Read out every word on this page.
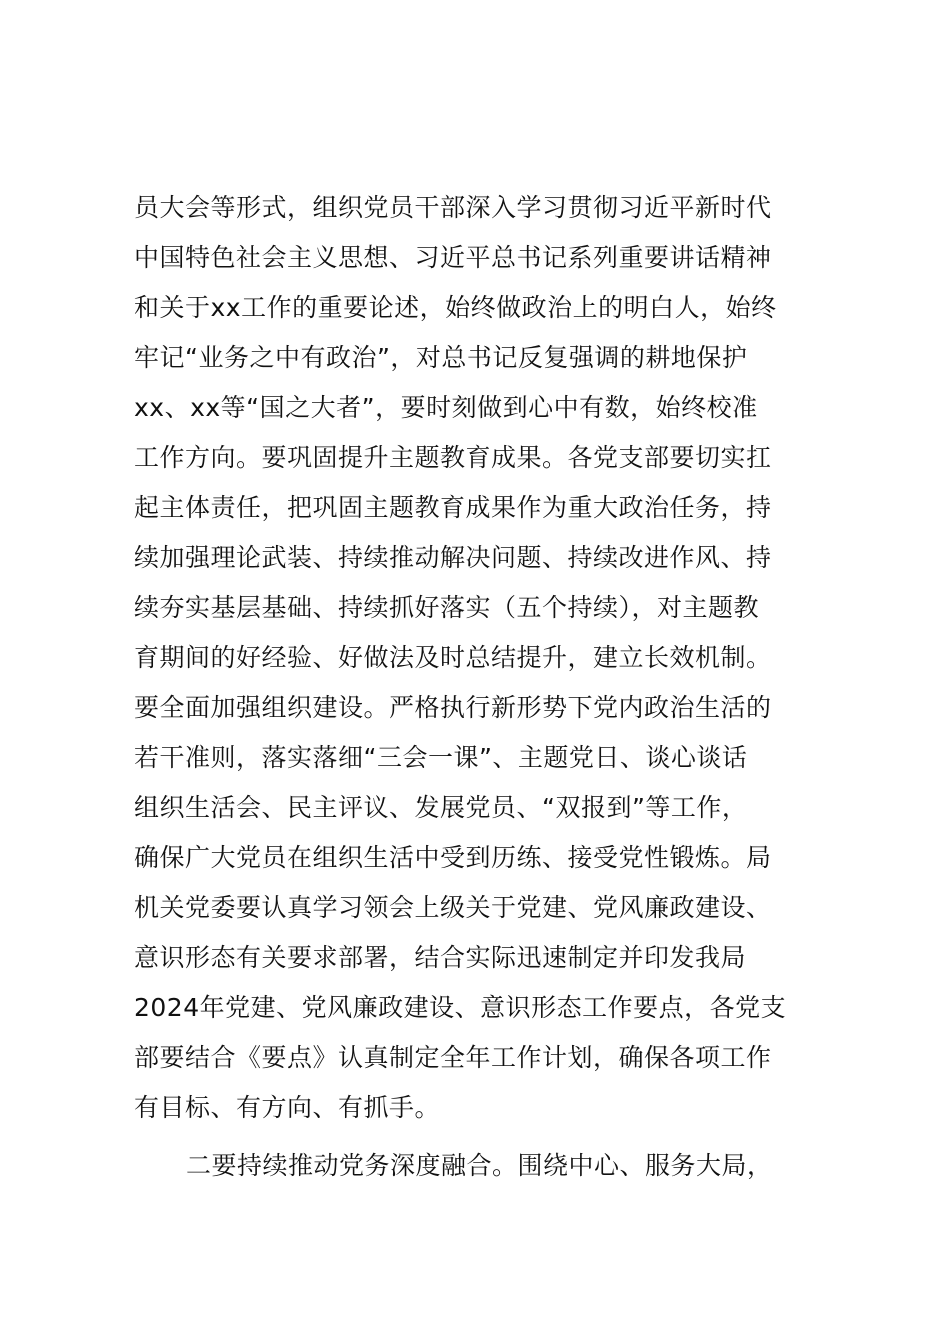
员大会等形式，组织党员干部深入学习贯彻习近平新时代
中国特色社会主义思想、习近平总书记系列重要讲话精神
和关于xx工作的重要论述，始终做政治上的明白人，始终
牢记“业务之中有政治”，对总书记反复强调的耕地保护
xx、xx等“国之大者”，要时刻做到心中有数，始终校准
工作方向。要巩固提升主题教育成果。各党支部要切实扛
起主体责任，把巩固主题教育成果作为重大政治任务，持
续加强理论武装、持续推动解决问题、持续改进作风、持
续夯实基层基础、持续抓好落实（五个持续），对主题教
育期间的好经验、好做法及时总结提升，建立长效机制。
要全面加强组织建设。严格执行新形势下党内政治生活的
若干准则，落实落细“三会一课”、主题党日、谈心谈话
组织生活会、民主评议、发展党员、“双报到”等工作，
确保广大党员在组织生活中受到历练、接受党性锻炼。局
机关党委要认真学习领会上级关于党建、党风廉政建设、
意识形态有关要求部署，结合实际迅速制定并印发我局
2024年党建、党风廉政建设、意识形态工作要点，各党支
部要结合《要点》认真制定全年工作计划，确保各项工作
有目标、有方向、有抓手。
二要持续推动党务深度融合。围绕中心、服务大局，
